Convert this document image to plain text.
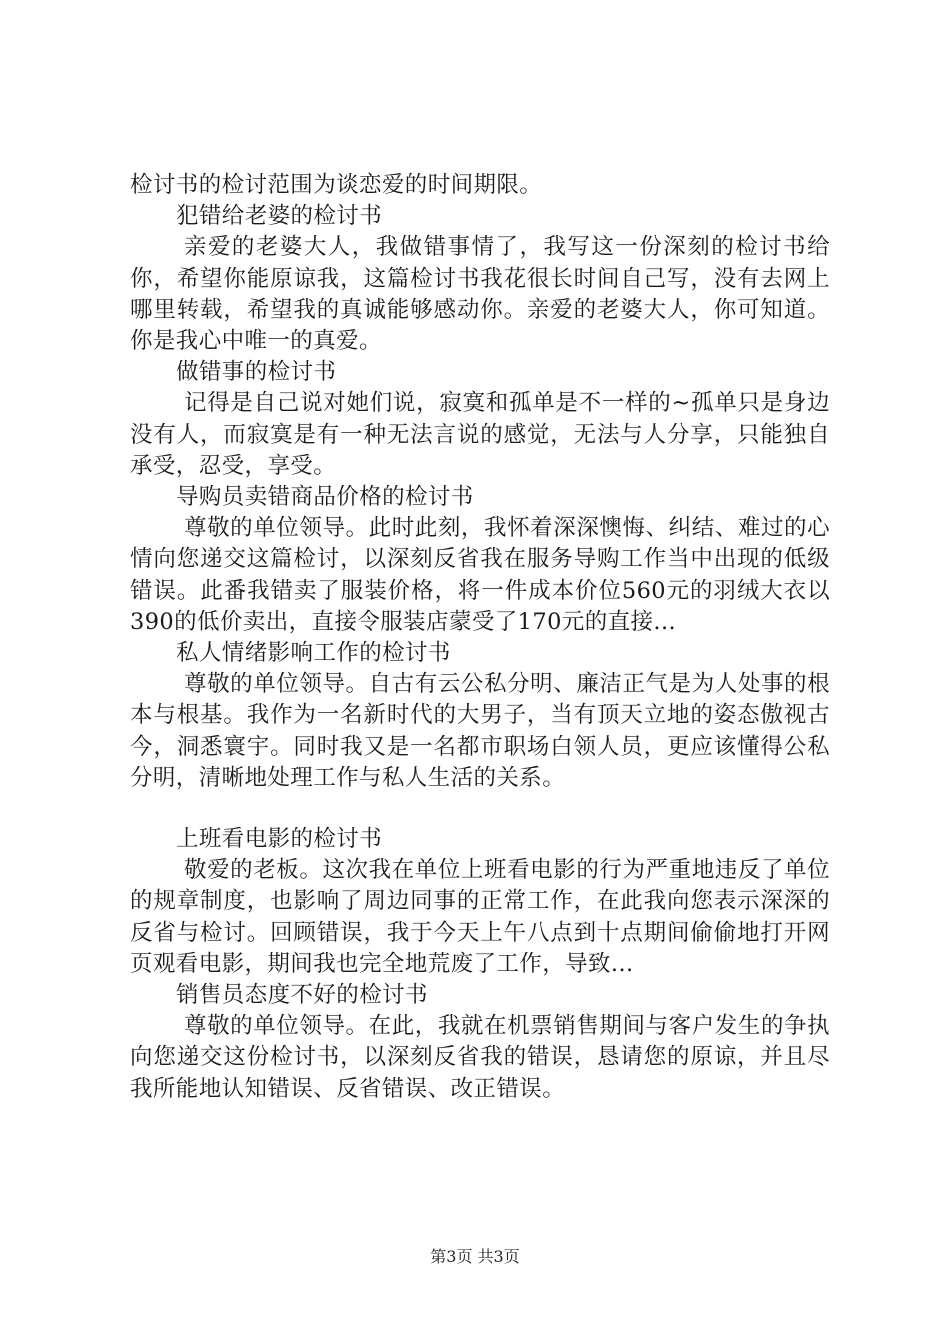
检讨书的检讨范围为谈恋爱的时间期限。

犯错给老婆的检讨书

亲爱的老婆大人，我做错事情了，我写这一份深刻的检讨书给你，希望你能原谅我，这篇检讨书我花很长时间自己写，没有去网上哪里转载，希望我的真诚能够感动你。亲爱的老婆大人，你可知道。你是我心中唯一的真爱。

做错事的检讨书

记得是自己说对她们说，寂寞和孤单是不一样的~孤单只是身边没有人，而寂寞是有一种无法言说的感觉，无法与人分享，只能独自承受，忍受，享受。

导购员卖错商品价格的检讨书

尊敬的单位领导。此时此刻，我怀着深深懊悔、纠结、难过的心情向您递交这篇检讨，以深刻反省我在服务导购工作当中出现的低级错误。此番我错卖了服装价格，将一件成本价位560元的羽绒大衣以390的低价卖出，直接令服装店蒙受了170元的直接...

私人情绪影响工作的检讨书

尊敬的单位领导。自古有云公私分明、廉洁正气是为人处事的根本与根基。我作为一名新时代的大男子，当有顶天立地的姿态傲视古今，洞悉寰宇。同时我又是一名都市职场白领人员，更应该懂得公私分明，清晰地处理工作与私人生活的关系。

上班看电影的检讨书

敬爱的老板。这次我在单位上班看电影的行为严重地违反了单位的规章制度，也影响了周边同事的正常工作，在此我向您表示深深的反省与检讨。回顾错误，我于今天上午八点到十点期间偷偷地打开网页观看电影，期间我也完全地荒废了工作，导致...

销售员态度不好的检讨书

尊敬的单位领导。在此，我就在机票销售期间与客户发生的争执向您递交这份检讨书，以深刻反省我的错误，恳请您的原谅，并且尽我所能地认知错误、反省错误、改正错误。

第3页 共3页
